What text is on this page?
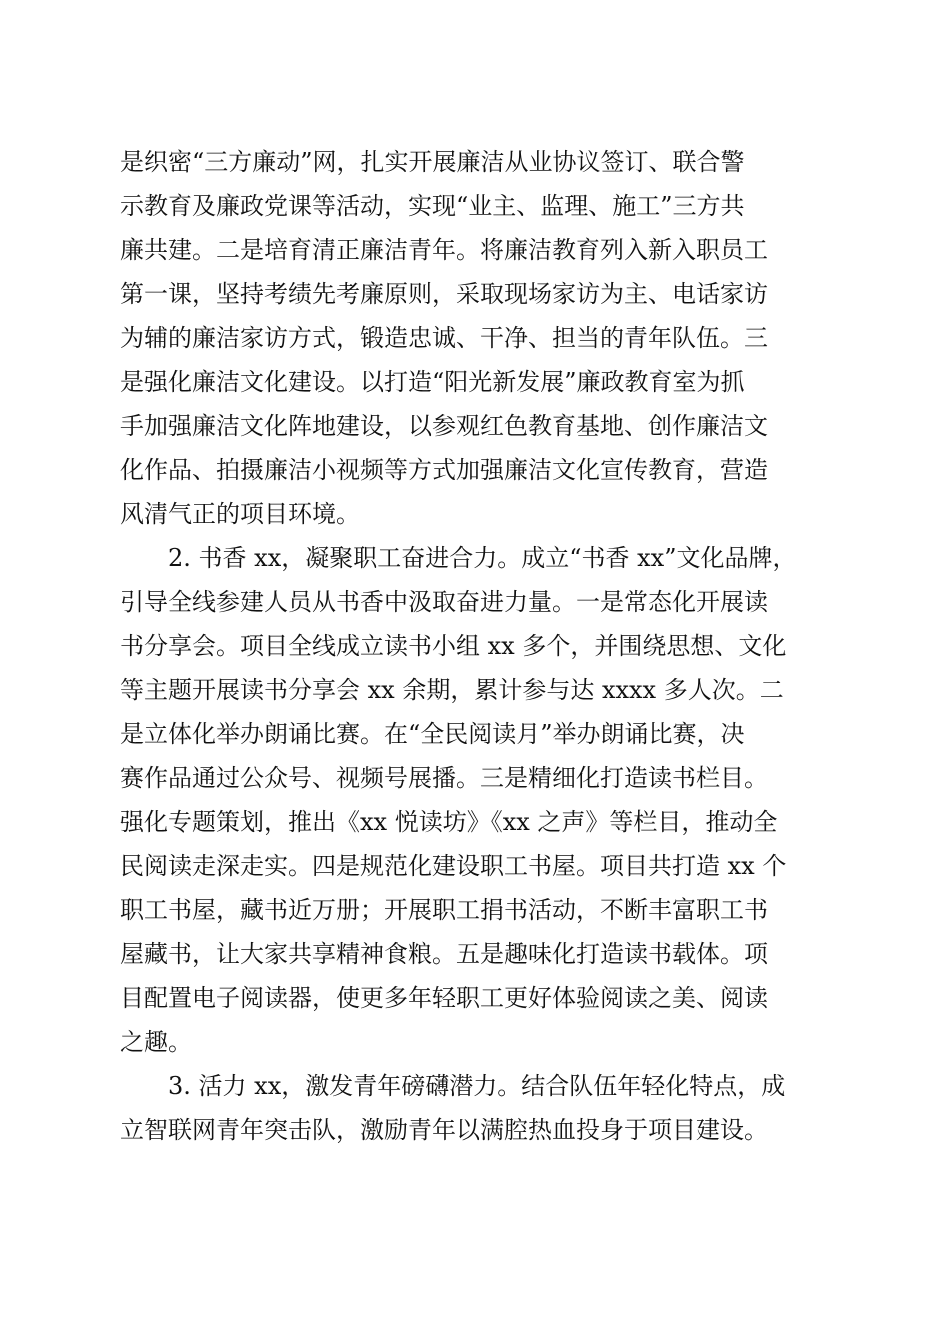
是织密“三方廉动”网，扎实开展廉洁从业协议签订、联合警
示教育及廉政党课等活动，实现“业主、监理、施工”三方共
廉共建。二是培育清正廉洁青年。将廉洁教育列入新入职员工
第一课，坚持考绩先考廉原则，采取现场家访为主、电话家访
为辅的廉洁家访方式，锻造忠诚、干净、担当的青年队伍。三
是强化廉洁文化建设。以打造“阳光新发展”廉政教育室为抓
手加强廉洁文化阵地建设，以参观红色教育基地、创作廉洁文
化作品、拍摄廉洁小视频等方式加强廉洁文化宣传教育，营造
风清气正的项目环境。
2. 书香 xx，凝聚职工奋进合力。成立“书香 xx”文化品牌，
引导全线参建人员从书香中汲取奋进力量。一是常态化开展读
书分享会。项目全线成立读书小组 xx 多个，并围绕思想、文化
等主题开展读书分享会 xx 余期，累计参与达 xxxx 多人次。二
是立体化举办朗诵比赛。在“全民阅读月”举办朗诵比赛，决
赛作品通过公众号、视频号展播。三是精细化打造读书栏目。
强化专题策划，推出《xx 悦读坊》《xx 之声》等栏目，推动全
民阅读走深走实。四是规范化建设职工书屋。项目共打造 xx 个
职工书屋，藏书近万册；开展职工捐书活动，不断丰富职工书
屋藏书，让大家共享精神食粮。五是趣味化打造读书载体。项
目配置电子阅读器，使更多年轻职工更好体验阅读之美、阅读
之趣。
3. 活力 xx，激发青年磅礴潜力。结合队伍年轻化特点，成
立智联网青年突击队，激励青年以满腔热血投身于项目建设。
